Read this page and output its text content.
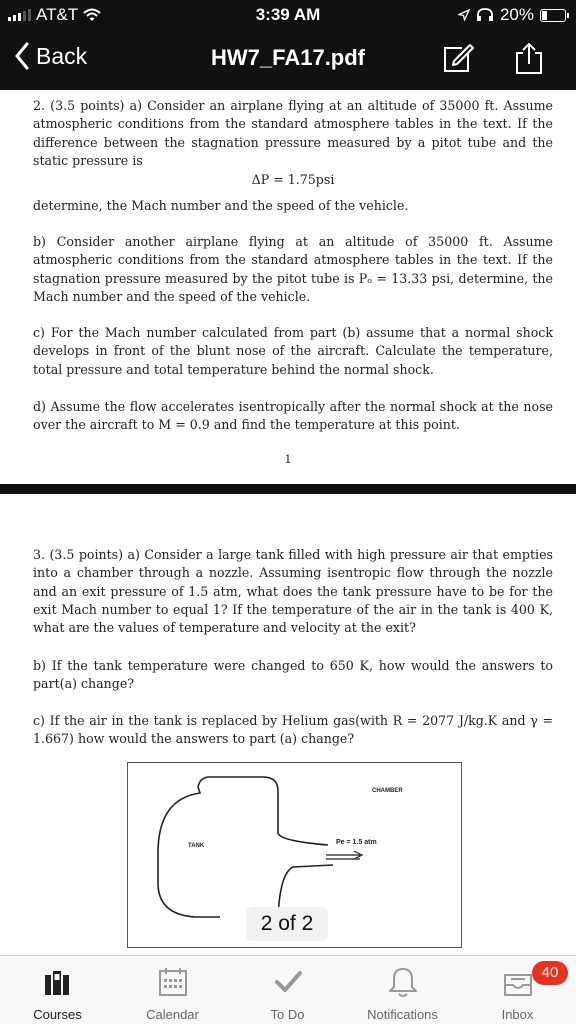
AT&T	3:39 AM	20%
Back	HW7_FA17.pdf
2. (3.5 points) a) Consider an airplane flying at an altitude of 35000 ft. Assume atmospheric conditions from the standard atmosphere tables in the text. If the difference between the stagnation pressure measured by a pitot tube and the static pressure is
ΔP = 1.75psi
determine, the Mach number and the speed of the vehicle.
b) Consider another airplane flying at an altitude of 35000 ft. Assume atmospheric conditions from the standard atmosphere tables in the text. If the stagnation pressure measured by the pitot tube is Pₒ = 13.33 psi, determine, the Mach number and the speed of the vehicle.
c) For the Mach number calculated from part (b) assume that a normal shock develops in front of the blunt nose of the aircraft. Calculate the temperature, total pressure and total temperature behind the normal shock.
d) Assume the flow accelerates isentropically after the normal shock at the nose over the aircraft to M = 0.9 and find the temperature at this point.
1
3. (3.5 points) a) Consider a large tank filled with high pressure air that empties into a chamber through a nozzle. Assuming isentropic flow through the nozzle and an exit pressure of 1.5 atm, what does the tank pressure have to be for the exit Mach number to equal 1? If the temperature of the air in the tank is 400 K, what are the values of temperature and velocity at the exit?
b) If the tank temperature were changed to 650 K, how would the answers to part(a) change?
c) If the air in the tank is replaced by Helium gas(with R = 2077 J/kg.K and γ = 1.667) how would the answers to part (a) change?
CHAMBER
TANK	Pe = 1.5 atm
2 of 2
Courses	Calendar	To Do	Notifications
40
Inbox
